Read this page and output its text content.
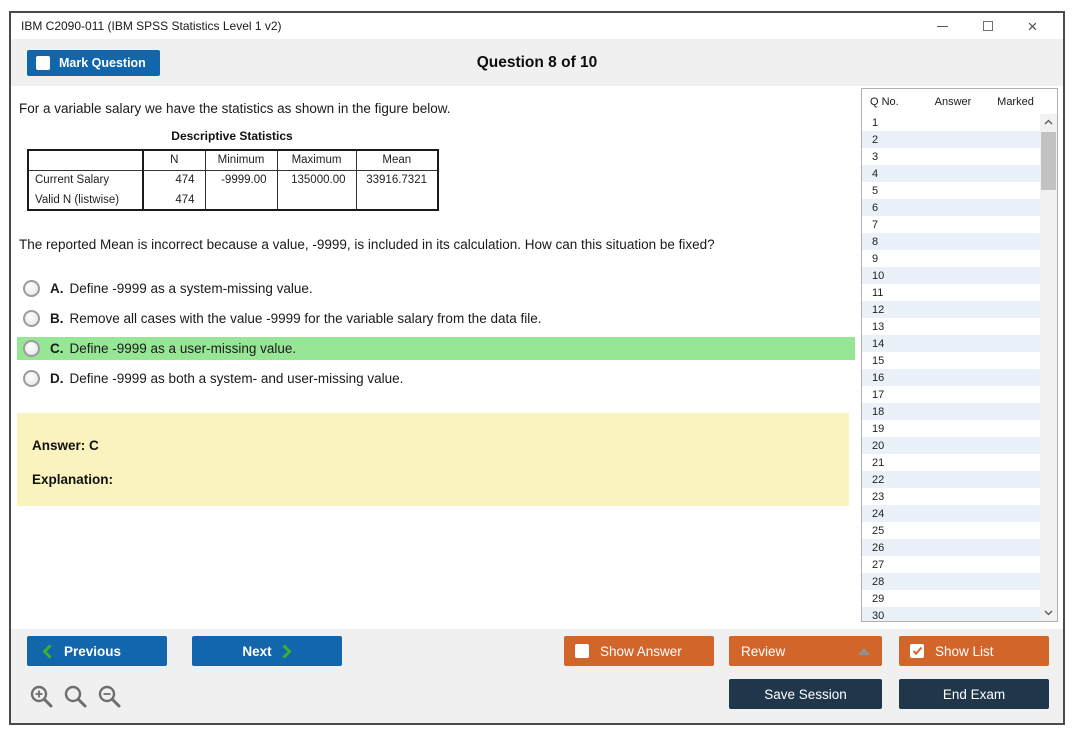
IBM C2090-011 (IBM SPSS Statistics Level 1 v2)	×
Mark Question	Question 8 of 10
For a variable salary we have the statistics as shown in the figure below.
Descriptive Statistics
	N	Minimum	Maximum	Mean
Current Salary	474	-9999.00	135000.00	33916.7321
Valid N (listwise)	474			
The reported Mean is incorrect because a value, -9999, is included in its calculation. How can this situation be fixed?
A. Define -9999 as a system-missing value.
B. Remove all cases with the value -9999 for the variable salary from the data file.
C. Define -9999 as a user-missing value.
D. Define -9999 as both a system- and user-missing value.
Answer: C
Explanation:
Q No.	Answer	Marked
1
2
3
4
5
6
7
8
9
10
11
12
13
14
15
16
17
18
19
20
21
22
23
24
25
26
27
28
29
30
Previous	Next	Show Answer	Review	Show List
Save Session	End Exam
